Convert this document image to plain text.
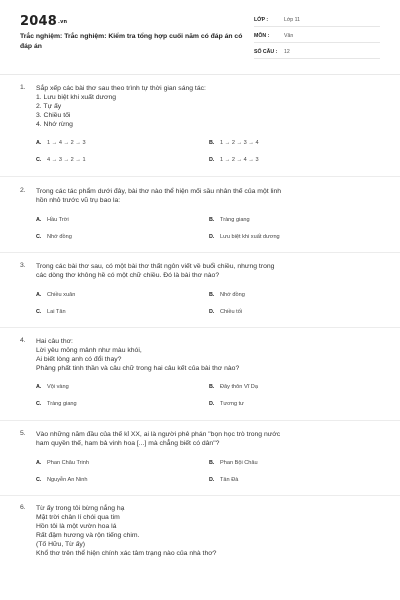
2048.vn
Trắc nghiệm: Trắc nghiệm: Kiểm tra tổng hợp cuối năm có đáp án có đáp án
LỚP :	Lớp 11
MÔN :	Văn
SỐ CÂU : 12
1. Sắp xếp các bài thơ sau theo trình tự thời gian sáng tác:
1. Lưu biệt khi xuất dương
2. Tự ấy
3. Chiều tối
4. Nhớ rừng
A. 1 → 4 → 2 → 3	B. 1 → 2 → 3 → 4
C. 4 → 3 → 2 → 1	D. 1 → 2 → 4 → 3
2. Trong các tác phẩm dưới đây, bài thơ nào thể hiện mối sầu nhân thế của một linh
hồn nhỏ trước vũ trụ bao la:
A. Hầu Trời	B. Tràng giang
C. Nhớ đồng	D. Lưu biệt khi xuất dương
3. Trong các bài thơ sau, có một bài thơ thất ngôn viết về buổi chiều, nhưng trong
các dòng thơ không hề có một chữ chiều. Đó là bài thơ nào?
A. Chiều xuân	B. Nhớ đồng
C. Lai Tân	D. Chiều tối
4. Hai câu thơ:
Lời yêu mỏng mảnh như màu khói,
Ai biết lòng anh có đổi thay?
Phảng phất tinh thần và câu chữ trong hai câu kết của bài thơ nào?
A. Vội vàng	B. Đây thôn Vĩ Dạ
C. Tràng giang	D. Tương tư
5. Vào những năm đầu của thế kỉ XX, ai là người phê phán "bọn học trò trong nước
ham quyền thế, ham bả vinh hoa [...] mà chẳng biết có dân"?
A. Phan Châu Trinh	B. Phan Bội Châu
C. Nguyễn An Ninh	D. Tản Đà
6. Từ ấy trong tôi bừng nắng hạ
Mặt trời chân lí chói qua tim
Hồn tôi là một vườn hoa lá
Rất đậm hương và rộn tiếng chim.
(Tố Hữu, Từ ấy)
Khổ thơ trên thể hiện chính xác tâm trạng nào của nhà thơ?
